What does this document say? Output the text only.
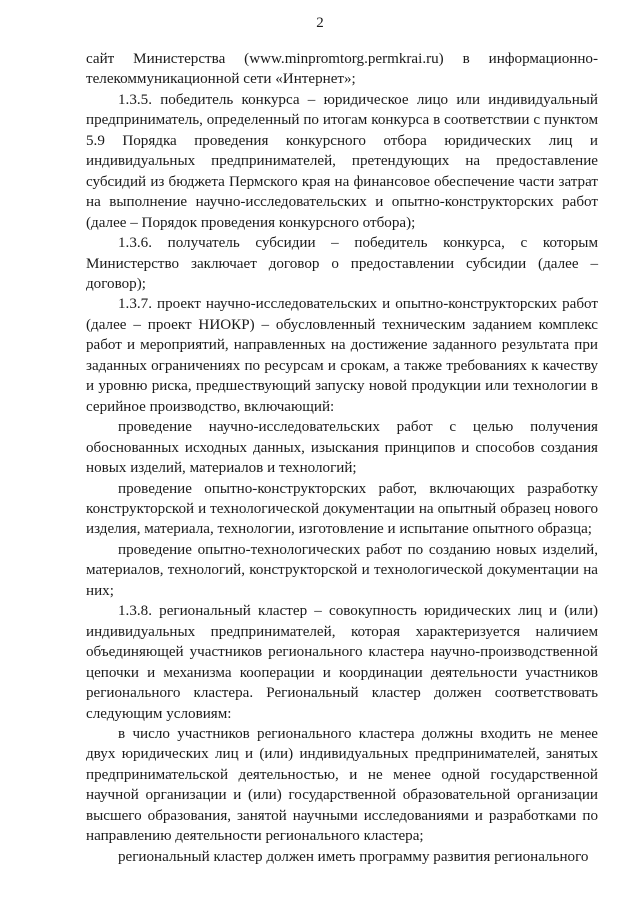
2

сайт Министерства (www.minpromtorg.permkrai.ru) в информационно-телекоммуникационной сети «Интернет»;

1.3.5. победитель конкурса – юридическое лицо или индивидуальный предприниматель, определенный по итогам конкурса в соответствии с пунктом 5.9 Порядка проведения конкурсного отбора юридических лиц и индивидуальных предпринимателей, претендующих на предоставление субсидий из бюджета Пермского края на финансовое обеспечение части затрат на выполнение научно-исследовательских и опытно-конструкторских работ (далее – Порядок проведения конкурсного отбора);

1.3.6. получатель субсидии – победитель конкурса, с которым Министерство заключает договор о предоставлении субсидии (далее – договор);

1.3.7. проект научно-исследовательских и опытно-конструкторских работ (далее – проект НИОКР) – обусловленный техническим заданием комплекс работ и мероприятий, направленных на достижение заданного результата при заданных ограничениях по ресурсам и срокам, а также требованиях к качеству и уровню риска, предшествующий запуску новой продукции или технологии в серийное производство, включающий:

проведение научно-исследовательских работ с целью получения обоснованных исходных данных, изыскания принципов и способов создания новых изделий, материалов и технологий;

проведение опытно-конструкторских работ, включающих разработку конструкторской и технологической документации на опытный образец нового изделия, материала, технологии, изготовление и испытание опытного образца;

проведение опытно-технологических работ по созданию новых изделий, материалов, технологий, конструкторской и технологической документации на них;

1.3.8. региональный кластер – совокупность юридических лиц и (или) индивидуальных предпринимателей, которая характеризуется наличием объединяющей участников регионального кластера научно-производственной цепочки и механизма кооперации и координации деятельности участников регионального кластера. Региональный кластер должен соответствовать следующим условиям:

в число участников регионального кластера должны входить не менее двух юридических лиц и (или) индивидуальных предпринимателей, занятых предпринимательской деятельностью, и не менее одной государственной научной организации и (или) государственной образовательной организации высшего образования, занятой научными исследованиями и разработками по направлению деятельности регионального кластера;

региональный кластер должен иметь программу развития регионального
